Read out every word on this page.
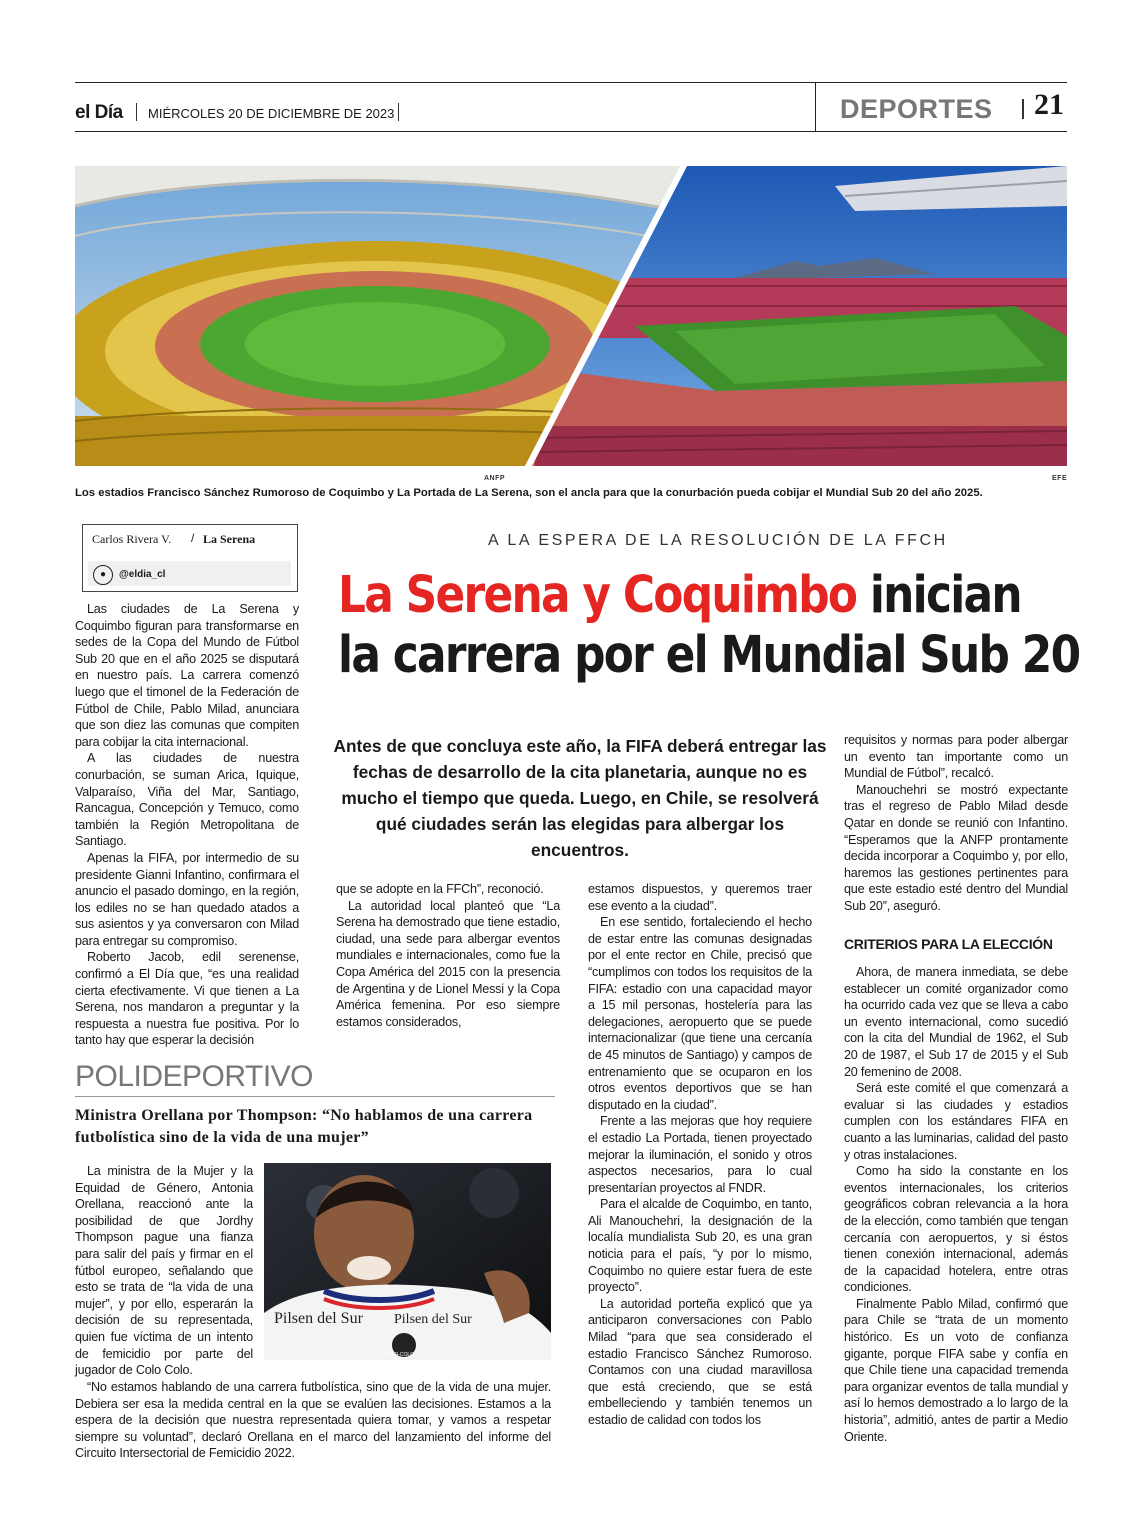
el Día MIÉRCOLES 20 DE DICIEMBRE DE 2023	DEPORTES 21
ANFP	EFE
Los estadios Francisco Sánchez Rumoroso de Coquimbo y La Portada de La Serena, son el ancla para que la conurbación pueda cobijar el Mundial Sub 20 del año 2025.
Carlos Rivera V. / La Serena
●	@eldia_cl
A LA ESPERA DE LA RESOLUCIÓN DE LA FFCH
La Serena y Coquimbo inician
la carrera por el Mundial Sub 20
Antes de que concluya este año, la FIFA deberá entregar las fechas de desarrollo de la cita planetaria, aunque no es mucho el tiempo que queda. Luego, en Chile, se resolverá qué ciudades serán las elegidas para albergar los encuentros.

Las ciudades de La Serena y Coquimbo figuran para transformarse en sedes de la Copa del Mundo de Fútbol Sub 20 que en el año 2025 se disputará en nuestro país. La carrera comenzó luego que el timonel de la Federación de Fútbol de Chile, Pablo Milad, anunciara que son diez las comunas que compiten para cobijar la cita internacional.

A las ciudades de nuestra conurbación, se suman Arica, Iquique, Valparaíso, Viña del Mar, Santiago, Rancagua, Concepción y Temuco, como también la Región Metropolitana de Santiago.

Apenas la FIFA, por intermedio de su presidente Gianni Infantino, confirmara el anuncio el pasado domingo, en la región, los ediles no se han quedado atados a sus asientos y ya conversaron con Milad para entregar su compromiso.

Roberto Jacob, edil serenense, confirmó a El Día que, “es una realidad cierta efectivamente. Vi que tienen a La Serena, nos mandaron a preguntar y la respuesta a nuestra fue positiva. Por lo tanto hay que esperar la decisión

que se adopte en la FFCh”, reconoció.

La autoridad local planteó que “La Serena ha demostrado que tiene estadio, ciudad, una sede para albergar eventos mundiales e internacionales, como fue la Copa América del 2015 con la presencia de Argentina y de Lionel Messi y la Copa América femenina. Por eso siempre estamos considerados,

estamos dispuestos, y queremos traer ese evento a la ciudad”.

En ese sentido, fortaleciendo el hecho de estar entre las comunas designadas por el ente rector en Chile, precisó que “cumplimos con todos los requisitos de la FIFA: estadio con una capacidad mayor a 15 mil personas, hostelería para las delegaciones, aeropuerto que se puede internacionalizar (que tiene una cercanía de 45 minutos de Santiago) y campos de entrenamiento que se ocuparon en los otros eventos deportivos que se han disputado en la ciudad”.

Frente a las mejoras que hoy requiere el estadio La Portada, tienen proyectado mejorar la iluminación, el sonido y otros aspectos necesarios, para lo cual presentarían proyectos al FNDR.

Para el alcalde de Coquimbo, en tanto, Ali Manouchehri, la designación de la localía mundialista Sub 20, es una gran noticia para el país, “y por lo mismo, Coquimbo no quiere estar fuera de este proyecto”.

La autoridad porteña explicó que ya anticiparon conversaciones con Pablo Milad “para que sea considerado el estadio Francisco Sánchez Rumoroso. Contamos con una ciudad maravillosa que está creciendo, que se está embelleciendo y también tenemos un estadio de calidad con todos los

requisitos y normas para poder albergar un evento tan importante como un Mundial de Fútbol”, recalcó.

Manouchehri se mostró expectante tras el regreso de Pablo Milad desde Qatar en donde se reunió con Infantino. “Esperamos que la ANFP prontamente decida incorporar a Coquimbo y, por ello, haremos las gestiones pertinentes para que este estadio esté dentro del Mundial Sub 20”, aseguró.

CRITERIOS PARA LA ELECCIÓN

Ahora, de manera inmediata, se debe establecer un comité organizador como ha ocurrido cada vez que se lleva a cabo un evento internacional, como sucedió con la cita del Mundial de 1962, el Sub 20 de 1987, el Sub 17 de 2015 y el Sub 20 femenino de 2008.

Será este comité el que comenzará a evaluar si las ciudades y estadios cumplen con los estándares FIFA en cuanto a las luminarias, calidad del pasto y otras instalaciones.

Como ha sido la constante en los eventos internacionales, los criterios geográficos cobran relevancia a la hora de la elección, como también que tengan cercanía con aeropuertos, y si éstos tienen conexión internacional, además de la capacidad hotelera, entre otras condiciones.

Finalmente Pablo Milad, confirmó que para Chile se “trata de un momento histórico. Es un voto de confianza gigante, porque FIFA sabe y confía en que Chile tiene una capacidad tremenda para organizar eventos de talla mundial y así lo hemos demostrado a lo largo de la historia”, admitió, antes de partir a Medio Oriente.

POLIDEPORTIVO
Ministra Orellana por Thompson: “No hablamos de una carrera futbolística sino de la vida de una mujer”

La ministra de la Mujer y la Equidad de Género, Antonia Orellana, reaccionó ante la posibilidad de que Jordhy Thompson pague una fianza para salir del país y firmar en el fútbol europeo, señalando que esto se trata de “la vida de una mujer”, y por ello, esperarán la decisión de su representada, quien fue víctima de un intento de femicidio por parte del jugador de Colo Colo.

Pilsen del Sur Pilsen del Sur
COLO-COLO

“No estamos hablando de una carrera futbolística, sino que de la vida de una mujer. Debiera ser esa la medida central en la que se evalúen las decisiones. Estamos a la espera de la decisión que nuestra representada quiera tomar, y vamos a respetar siempre su voluntad”, declaró Orellana en el marco del lanzamiento del informe del Circuito Intersectorial de Femicidio 2022.
